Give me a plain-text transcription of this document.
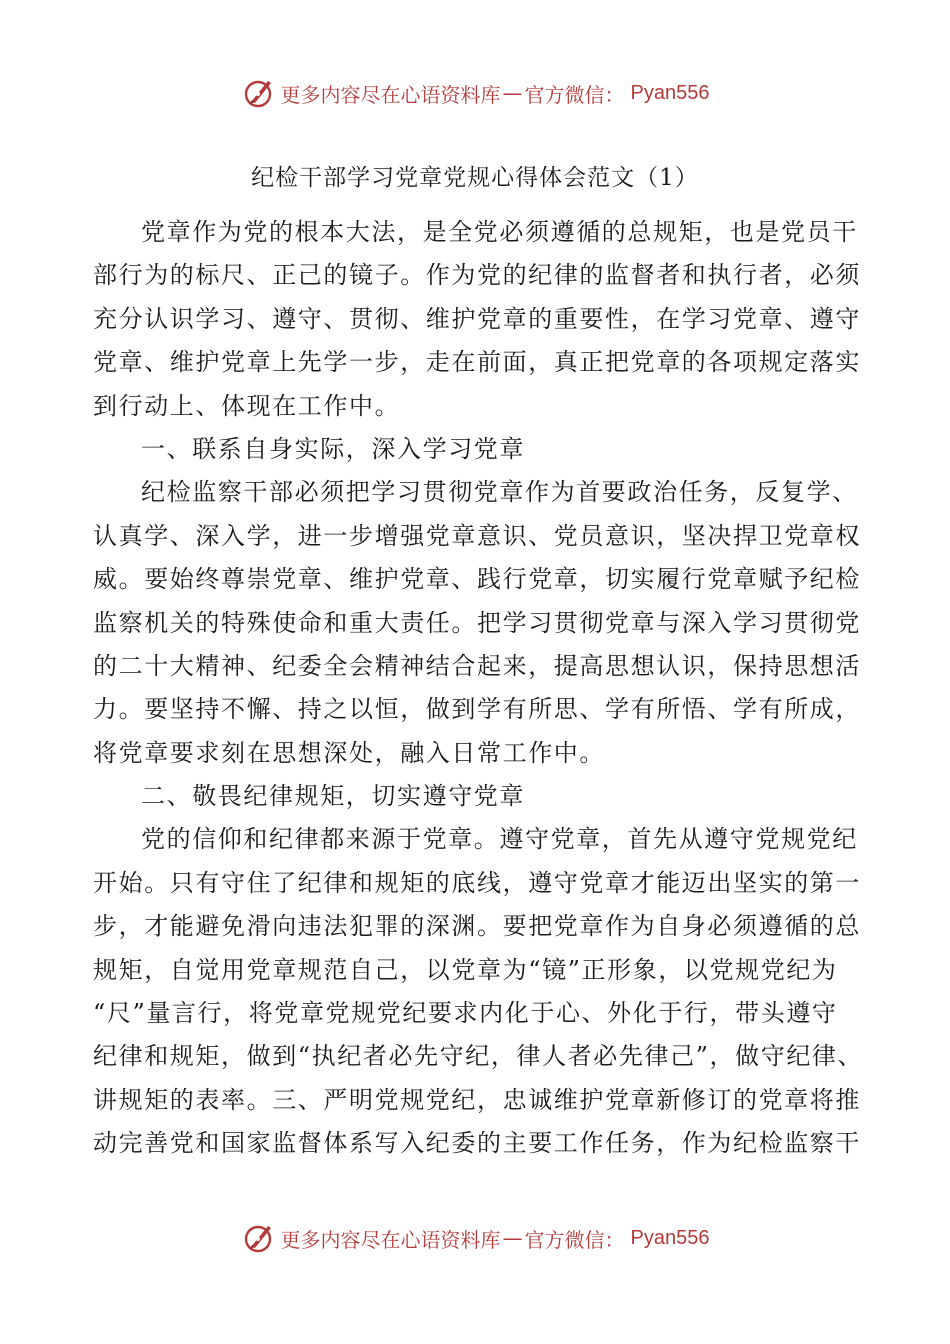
更多内容尽在心语资料库 — 官方微信： Pyan556
纪检干部学习党章党规心得体会范文（1）
党章作为党的根本大法，是全党必须遵循的总规矩，也是党员干
部行为的标尺、正己的镜子。作为党的纪律的监督者和执行者，必须
充分认识学习、遵守、贯彻、维护党章的重要性，在学习党章、遵守
党章、维护党章上先学一步，走在前面，真正把党章的各项规定落实
到行动上、体现在工作中。
一、联系自身实际，深入学习党章
纪检监察干部必须把学习贯彻党章作为首要政治任务，反复学、
认真学、深入学，进一步增强党章意识、党员意识，坚决捍卫党章权
威。要始终尊崇党章、维护党章、践行党章，切实履行党章赋予纪检
监察机关的特殊使命和重大责任。把学习贯彻党章与深入学习贯彻党
的二十大精神、纪委全会精神结合起来，提高思想认识，保持思想活
力。要坚持不懈、持之以恒，做到学有所思、学有所悟、学有所成，
将党章要求刻在思想深处，融入日常工作中。
二、敬畏纪律规矩，切实遵守党章
党的信仰和纪律都来源于党章。遵守党章，首先从遵守党规党纪
开始。只有守住了纪律和规矩的底线，遵守党章才能迈出坚实的第一
步，才能避免滑向违法犯罪的深渊。要把党章作为自身必须遵循的总
规矩，自觉用党章规范自己，以党章为“镜”正形象，以党规党纪为
“尺”量言行，将党章党规党纪要求内化于心、外化于行，带头遵守
纪律和规矩，做到“执纪者必先守纪，律人者必先律己”，做守纪律、
讲规矩的表率。三、严明党规党纪，忠诚维护党章新修订的党章将推
动完善党和国家监督体系写入纪委的主要工作任务，作为纪检监察干
更多内容尽在心语资料库 — 官方微信： Pyan556
